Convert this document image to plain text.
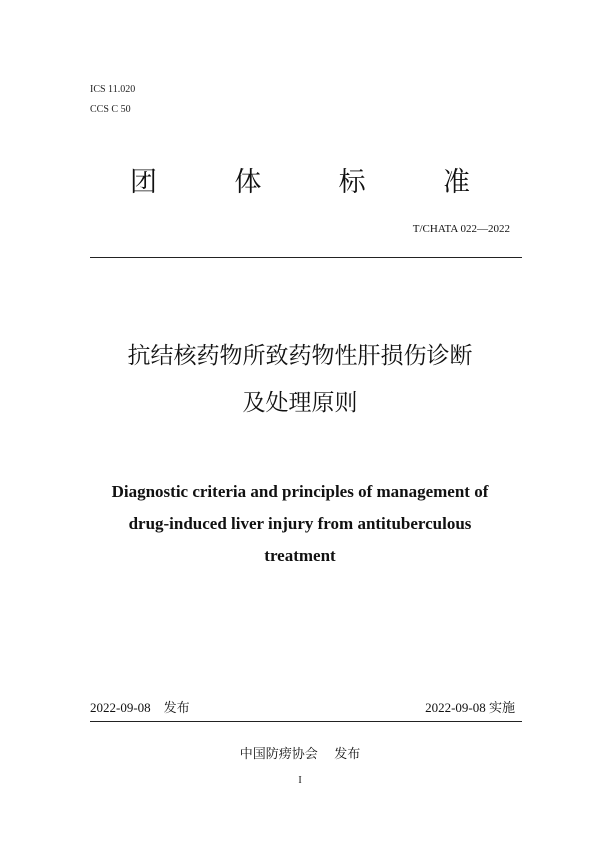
ICS 11.020
CCS C 50
团	体	标	准
T/CHATA 022—2022
抗结核药物所致药物性肝损伤诊断
及处理原则
Diagnostic criteria and principles of management of
drug-induced liver injury from antituberculous
treatment
2022-09-08 发布	2022-09-08 实施
中国防痨协会 发布
I
